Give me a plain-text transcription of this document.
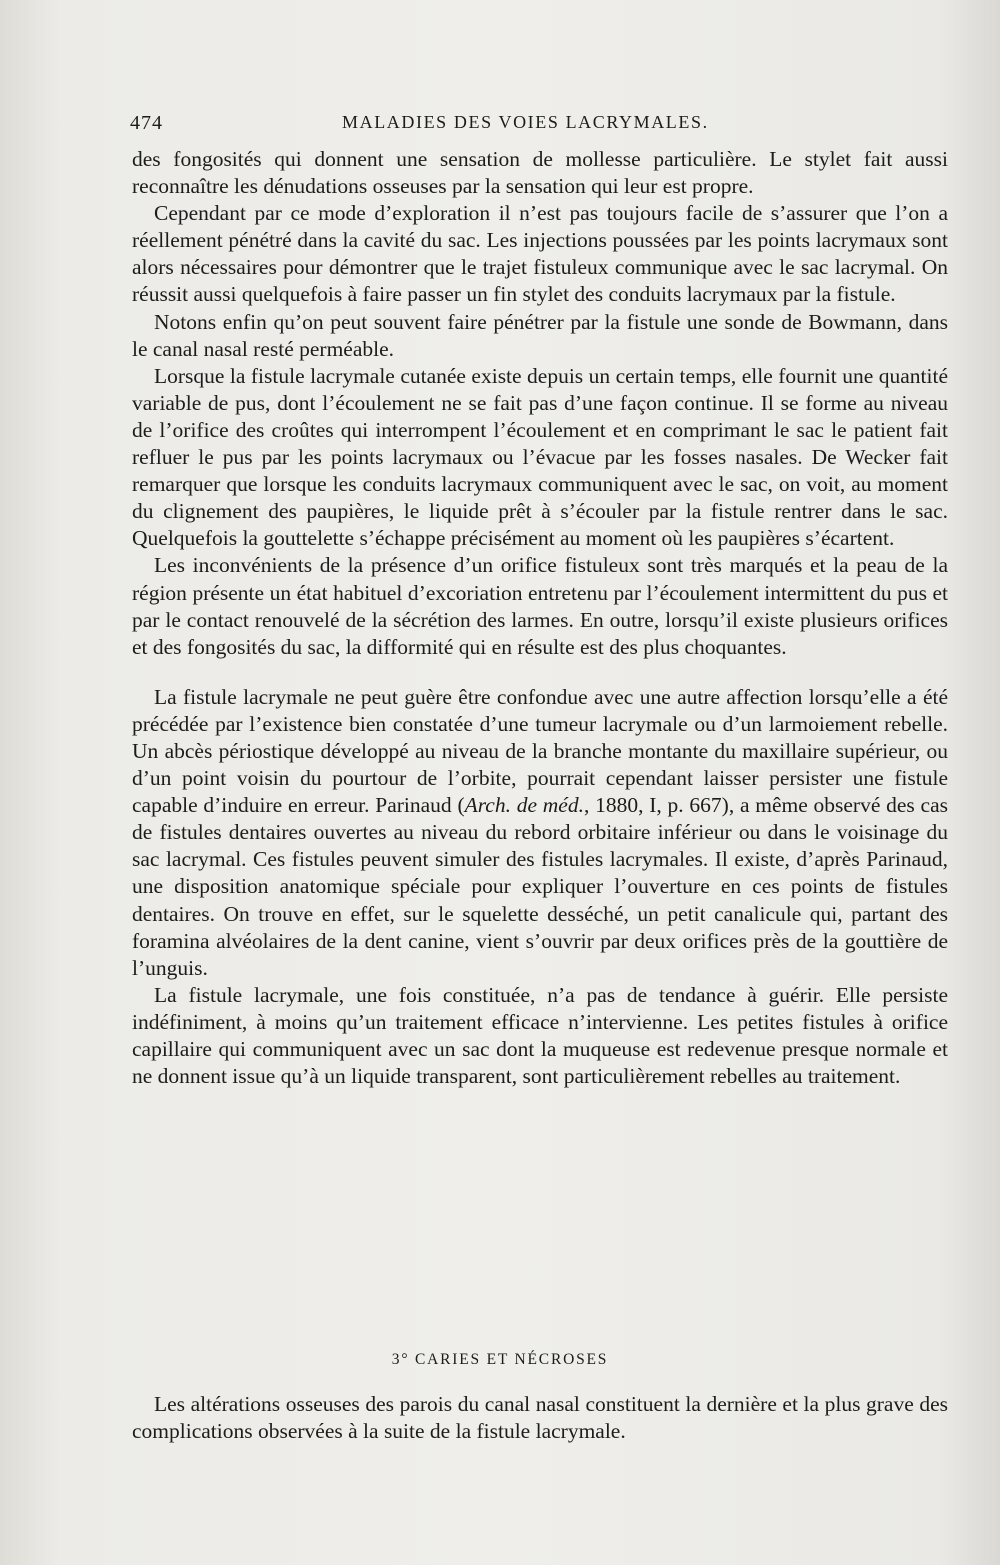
474	MALADIES DES VOIES LACRYMALES.

des fongosités qui donnent une sensation de mollesse particulière. Le stylet fait aussi reconnaître les dénudations osseuses par la sensation qui leur est propre.

Cependant par ce mode d’exploration il n’est pas toujours facile de s’assurer que l’on a réellement pénétré dans la cavité du sac. Les injections poussées par les points lacrymaux sont alors nécessaires pour démontrer que le trajet fistuleux communique avec le sac lacrymal. On réussit aussi quelquefois à faire passer un fin stylet des conduits lacrymaux par la fistule.

Notons enfin qu’on peut souvent faire pénétrer par la fistule une sonde de Bowmann, dans le canal nasal resté perméable.

Lorsque la fistule lacrymale cutanée existe depuis un certain temps, elle fournit une quantité variable de pus, dont l’écoulement ne se fait pas d’une façon continue. Il se forme au niveau de l’orifice des croûtes qui interrompent l’écoulement et en comprimant le sac le patient fait refluer le pus par les points lacrymaux ou l’évacue par les fosses nasales. De Wecker fait remarquer que lorsque les conduits lacrymaux communiquent avec le sac, on voit, au moment du clignement des paupières, le liquide prêt à s’écouler par la fistule rentrer dans le sac. Quelquefois la gouttelette s’échappe précisément au moment où les paupières s’écartent.

Les inconvénients de la présence d’un orifice fistuleux sont très marqués et la peau de la région présente un état habituel d’excoriation entretenu par l’écoulement intermittent du pus et par le contact renouvelé de la sécrétion des larmes. En outre, lorsqu’il existe plusieurs orifices et des fongosités du sac, la difformité qui en résulte est des plus choquantes.

La fistule lacrymale ne peut guère être confondue avec une autre affection lorsqu’elle a été précédée par l’existence bien constatée d’une tumeur lacrymale ou d’un larmoiement rebelle. Un abcès périostique développé au niveau de la branche montante du maxillaire supérieur, ou d’un point voisin du pourtour de l’orbite, pourrait cependant laisser persister une fistule capable d’induire en erreur. Parinaud (Arch. de méd., 1880, I, p. 667), a même observé des cas de fistules dentaires ouvertes au niveau du rebord orbitaire inférieur ou dans le voisinage du sac lacrymal. Ces fistules peuvent simuler des fistules lacrymales. Il existe, d’après Parinaud, une disposition anatomique spéciale pour expliquer l’ouverture en ces points de fistules dentaires. On trouve en effet, sur le squelette desséché, un petit canalicule qui, partant des foramina alvéolaires de la dent canine, vient s’ouvrir par deux orifices près de la gouttière de l’unguis.

La fistule lacrymale, une fois constituée, n’a pas de tendance à guérir. Elle persiste indéfiniment, à moins qu’un traitement efficace n’intervienne. Les petites fistules à orifice capillaire qui communiquent avec un sac dont la muqueuse est redevenue presque normale et ne donnent issue qu’à un liquide transparent, sont particulièrement rebelles au traitement.

3° CARIES ET NÉCROSES

Les altérations osseuses des parois du canal nasal constituent la dernière et la plus grave des complications observées à la suite de la fistule lacrymale.
